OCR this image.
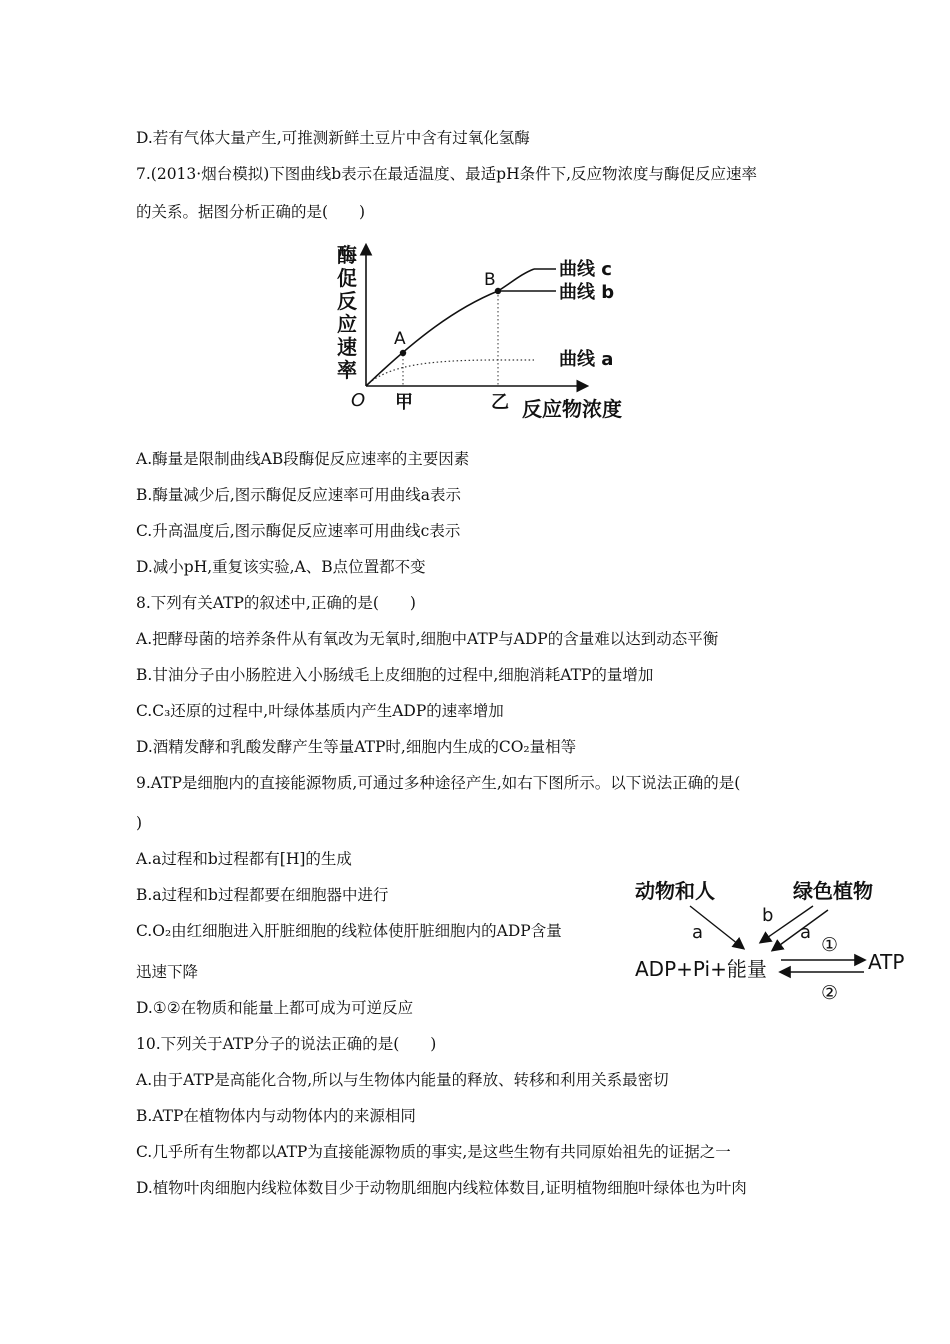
D.若有气体大量产生,可推测新鲜土豆片中含有过氧化氢酶
7.(2013·烟台模拟)下图曲线b表示在最适温度、最适pH条件下,反应物浓度与酶促反应速率
的关系。据图分析正确的是(　　)
A.酶量是限制曲线AB段酶促反应速率的主要因素
B.酶量减少后,图示酶促反应速率可用曲线a表示
C.升高温度后,图示酶促反应速率可用曲线c表示
D.减小pH,重复该实验,A、B点位置都不变
8.下列有关ATP的叙述中,正确的是(　　)
A.把酵母菌的培养条件从有氧改为无氧时,细胞中ATP与ADP的含量难以达到动态平衡
B.甘油分子由小肠腔进入小肠绒毛上皮细胞的过程中,细胞消耗ATP的量增加
C.C₃还原的过程中,叶绿体基质内产生ADP的速率增加
D.酒精发酵和乳酸发酵产生等量ATP时,细胞内生成的CO₂量相等
9.ATP是细胞内的直接能源物质,可通过多种途径产生,如右下图所示。以下说法正确的是(
)
A.a过程和b过程都有[H]的生成
B.a过程和b过程都要在细胞器中进行
C.O₂由红细胞进入肝脏细胞的线粒体使肝脏细胞内的ADP含量
迅速下降
D.①②在物质和能量上都可成为可逆反应
10.下列关于ATP分子的说法正确的是(　　)
A.由于ATP是高能化合物,所以与生物体内能量的释放、转移和利用关系最密切
B.ATP在植物体内与动物体内的来源相同
C.几乎所有生物都以ATP为直接能源物质的事实,是这些生物有共同原始祖先的证据之一
D.植物叶肉细胞内线粒体数目少于动物肌细胞内线粒体数目,证明植物细胞叶绿体也为叶肉
酶
促
反
应
速
率
O 甲	乙 反应物浓度
A
B	曲线 c
曲线 b
曲线 a
动物和人	绿色植物
a
b
a
ADP+Pi+能量
①
ATP
②
